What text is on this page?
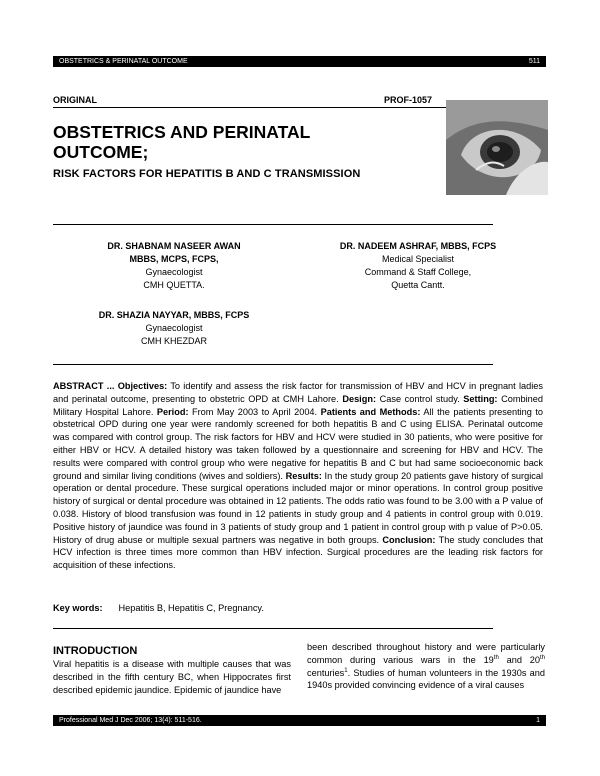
OBSTETRICS & PERINATAL OUTCOME	511
ORIGINAL	PROF-1057
OBSTETRICS AND PERINATAL
OUTCOME;
RISK FACTORS FOR HEPATITIS B AND C TRANSMISSION
DR. SHABNAM NASEER AWAN
MBBS, MCPS, FCPS,
Gynaecologist
CMH QUETTA.
DR. NADEEM ASHRAF, MBBS, FCPS
Medical Specialist
Command & Staff College,
Quetta Cantt.
DR. SHAZIA NAYYAR, MBBS, FCPS
Gynaecologist
CMH KHEZDAR
ABSTRACT ... Objectives: To identify and assess the risk factor for transmission of HBV and HCV in pregnant ladies and perinatal outcome, presenting to obstetric OPD at CMH Lahore. Design: Case control study. Setting: Combined Military Hospital Lahore. Period: From May 2003 to April 2004. Patients and Methods: All the patients presenting to obstetrical OPD during one year were randomly screened for both hepatitis B and C using ELISA. Perinatal outcome was compared with control group. The risk factors for HBV and HCV were studied in 30 patients, who were positive for either HBV or HCV. A detailed history was taken followed by a questionnaire and screening for HBV and HCV. The results were compared with control group who were negative for hepatitis B and C but had same socioeconomic back ground and similar living conditions (wives and soldiers). Results: In the study group 20 patients gave history of surgical operation or dental procedure. These surgical operations included major or minor operations. In control group positive history of surgical or dental procedure was obtained in 12 patients. The odds ratio was found to be 3.00 with a P value of 0.038. History of blood transfusion was found in 12 patients in study group and 4 patients in control group with 0.019. Positive history of jaundice was found in 3 patients of study group and 1 patient in control group with p value of P>0.05. History of drug abuse or multiple sexual partners was negative in both groups. Conclusion: The study concludes that HCV infection is three times more common than HBV infection. Surgical procedures are the leading risk factors for acquisition of these infections.
Key words: Hepatitis B, Hepatitis C, Pregnancy.
INTRODUCTION
Viral hepatitis is a disease with multiple causes that was described in the fifth century BC, when Hippocrates first described epidemic jaundice. Epidemic of jaundice have
been described throughout history and were particularly common during various wars in the 19th and 20th centuries$^1$. Studies of human volunteers in the 1930s and 1940s provided convincing evidence of a viral causes
Professional Med J Dec 2006; 13(4): 511-516.	1
